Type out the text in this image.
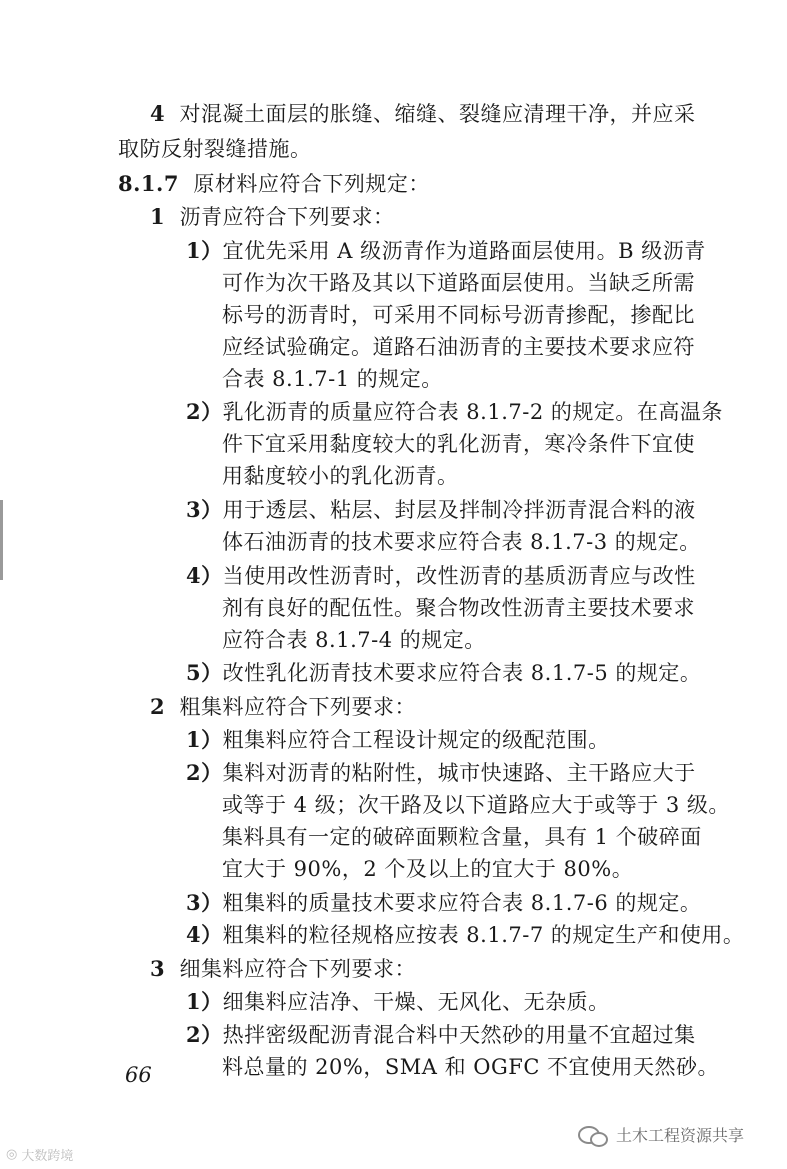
4 对混凝土面层的胀缝、缩缝、裂缝应清理干净，并应采
取防反射裂缝措施。
8.1.7 原材料应符合下列规定：
1 沥青应符合下列要求：
1）宜优先采用 A 级沥青作为道路面层使用。B 级沥青
可作为次干路及其以下道路面层使用。当缺乏所需
标号的沥青时，可采用不同标号沥青掺配，掺配比
应经试验确定。道路石油沥青的主要技术要求应符
合表 8.1.7-1 的规定。
2）乳化沥青的质量应符合表 8.1.7-2 的规定。在高温条
件下宜采用黏度较大的乳化沥青，寒冷条件下宜使
用黏度较小的乳化沥青。
3）用于透层、粘层、封层及拌制冷拌沥青混合料的液
体石油沥青的技术要求应符合表 8.1.7-3 的规定。
4）当使用改性沥青时，改性沥青的基质沥青应与改性
剂有良好的配伍性。聚合物改性沥青主要技术要求
应符合表 8.1.7-4 的规定。
5）改性乳化沥青技术要求应符合表 8.1.7-5 的规定。
2 粗集料应符合下列要求：
1）粗集料应符合工程设计规定的级配范围。
2）集料对沥青的粘附性，城市快速路、主干路应大于
或等于 4 级；次干路及以下道路应大于或等于 3 级。
集料具有一定的破碎面颗粒含量，具有 1 个破碎面
宜大于 90%，2 个及以上的宜大于 80%。
3）粗集料的质量技术要求应符合表 8.1.7-6 的规定。
4）粗集料的粒径规格应按表 8.1.7-7 的规定生产和使用。
3 细集料应符合下列要求：
1）细集料应洁净、干燥、无风化、无杂质。
2）热拌密级配沥青混合料中天然砂的用量不宜超过集
料总量的 20%，SMA 和 OGFC 不宜使用天然砂。
66
◎ 大数跨境
土木工程资源共享
